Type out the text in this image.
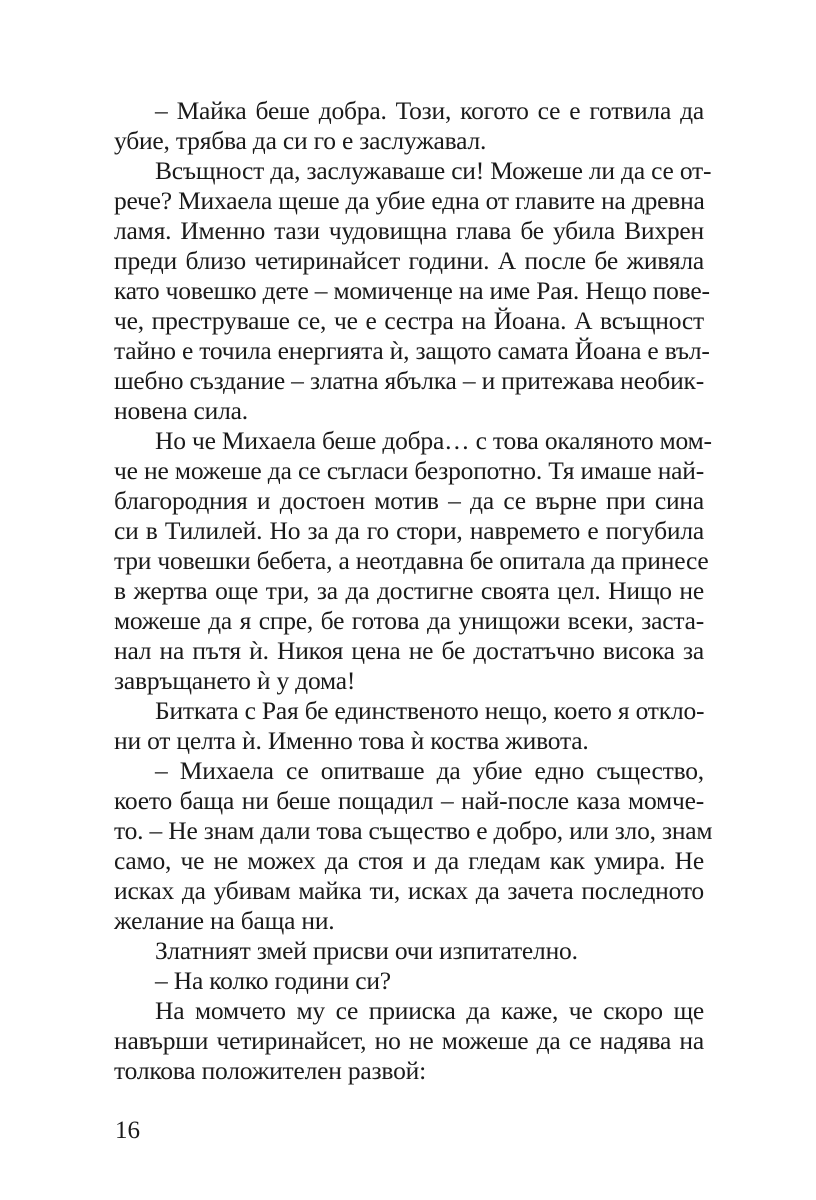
– Майка беше добра. Този, когото се е готвила да
убие, трябва да си го е заслужавал.
Всъщност да, заслужаваше си! Можеше ли да се от-
рече? Михаела щеше да убие една от главите на древна
ламя. Именно тази чудовищна глава бе убила Вихрен
преди близо четиринайсет години. А после бе живяла
като човешко дете – момиченце на име Рая. Нещо пове-
че, преструваше се, че е сестра на Йоана. А всъщност
тайно е точила енергията ѝ, защото самата Йоана е въл-
шебно създание – златна ябълка – и притежава необик-
новена сила.
Но че Михаела беше добра… с това окаляното мом-
че не можеше да се съгласи безропотно. Тя имаше най-
благородния и достоен мотив – да се върне при сина
си в Тилилей. Но за да го стори, навремето е погубила
три човешки бебета, а неотдавна бе опитала да принесе
в жертва още три, за да достигне своята цел. Нищо не
можеше да я спре, бе готова да унищожи всеки, заста-
нал на пътя ѝ. Никоя цена не бе достатъчно висока за
завръщането ѝ у дома!
Битката с Рая бе единственото нещо, което я откло-
ни от целта ѝ. Именно това ѝ коства живота.
– Михаела се опитваше да убие едно същество,
което баща ни беше пощадил – най-после каза момче-
то. – Не знам дали това същество е добро, или зло, знам
само, че не можех да стоя и да гледам как умира. Не
исках да убивам майка ти, исках да зачета последното
желание на баща ни.
Златният змей присви очи изпитателно.
– На колко години си?
На момчето му се прииска да каже, че скоро ще
навърши четиринайсет, но не можеше да се надява на
толкова положителен развой:
16
